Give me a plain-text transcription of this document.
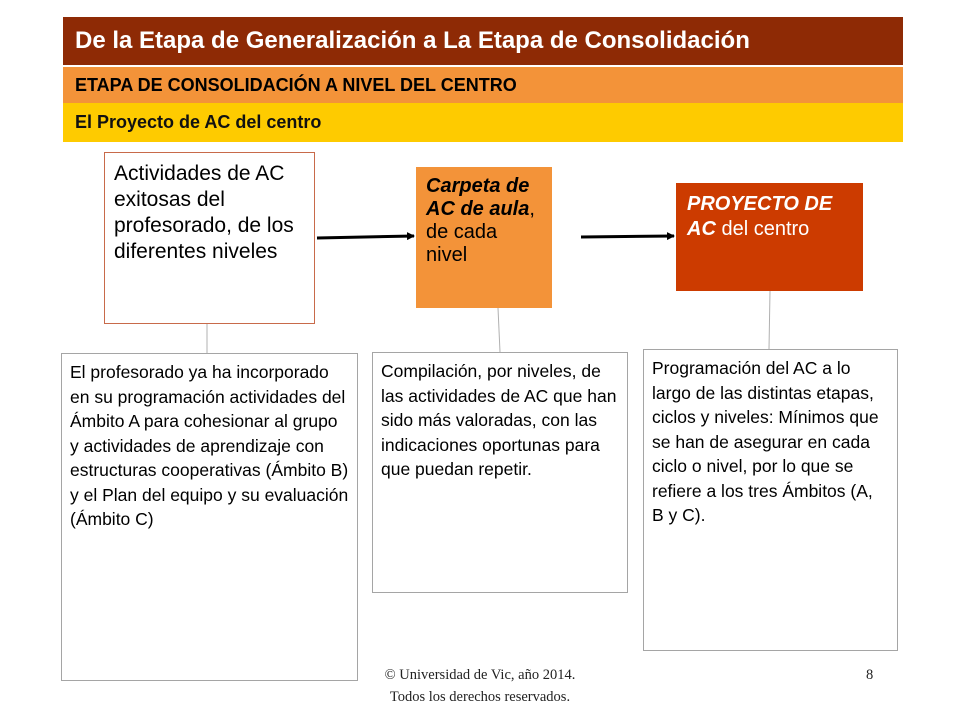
De la Etapa de Generalización a La Etapa de Consolidación
ETAPA DE CONSOLIDACIÓN A NIVEL DEL CENTRO
El Proyecto de AC del centro
Actividades de AC exitosas del profesorado, de los diferentes niveles
Carpeta de AC de aula, de cada nivel
PROYECTO DE AC del centro
El profesorado ya ha incorporado en su programación actividades del Ámbito A para cohesionar al grupo y actividades de aprendizaje con estructuras cooperativas (Ámbito B) y el Plan del equipo y su evaluación (Ámbito C)
Compilación, por niveles, de las actividades de AC que han sido más valoradas, con las indicaciones oportunas para que puedan repetir.
Programación del AC a lo largo de las distintas etapas, ciclos y niveles: Mínimos que se han de asegurar en cada ciclo o nivel, por lo que se refiere a los tres Ámbitos (A, B y C).
© Universidad de Vic, año 2014.
Todos los derechos reservados.
8
